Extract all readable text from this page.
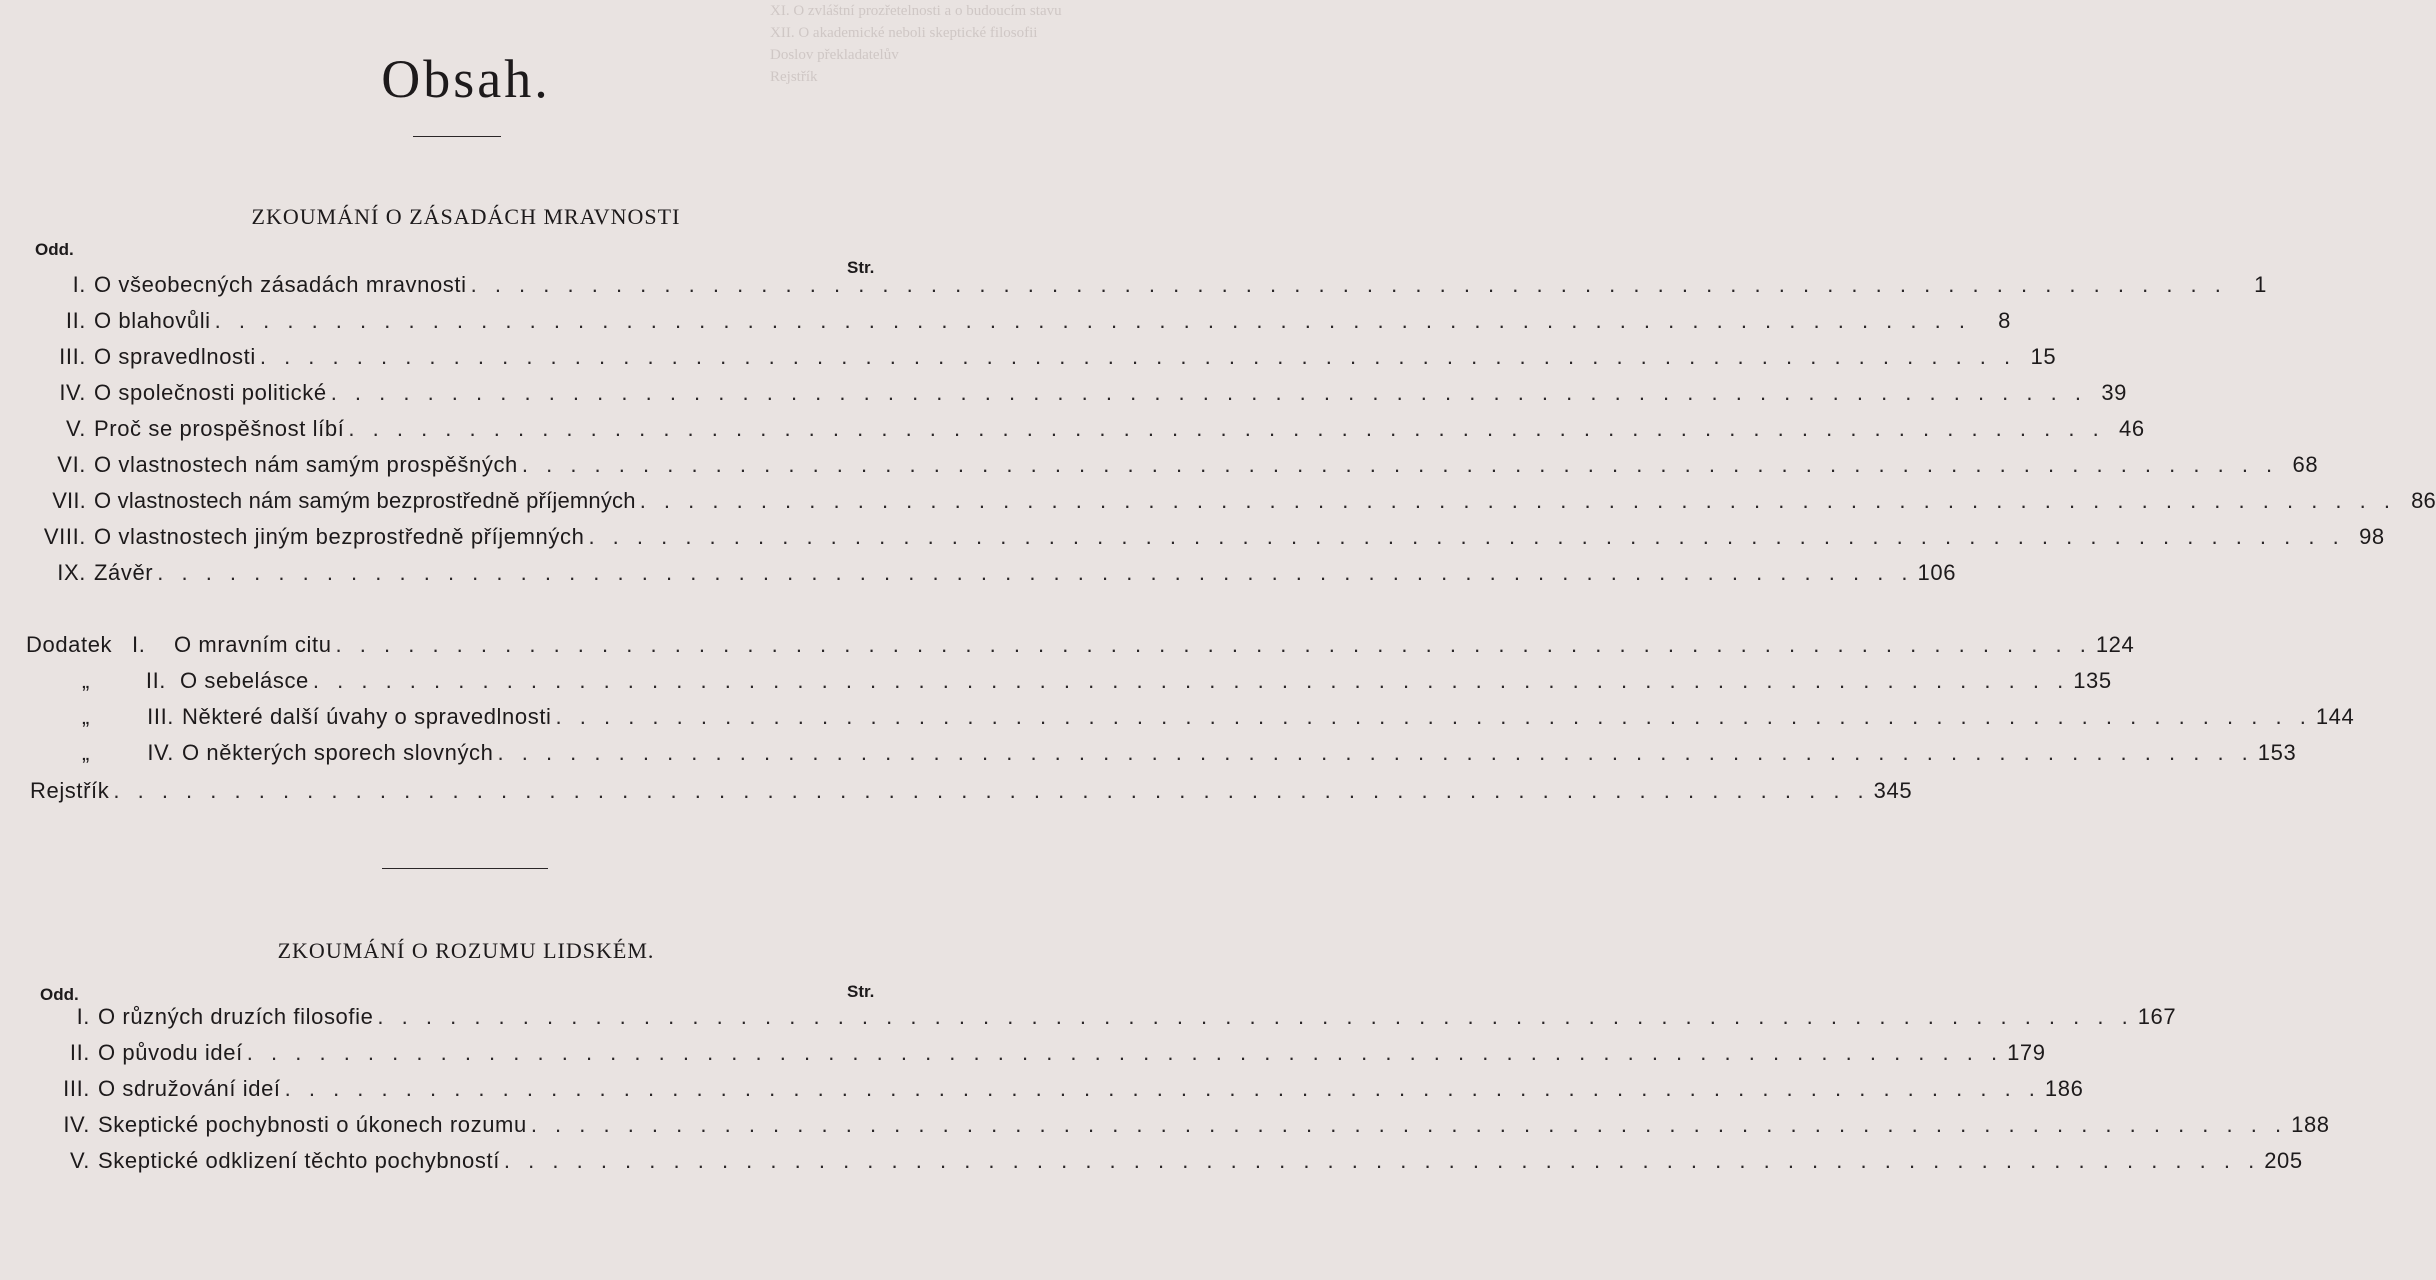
XI. O zvláštní prozřetelnosti a o budoucím stavu
XII. O akademické neboli skeptické filosofii
Doslov překladatelův
Rejstřík
Obsah.
ZKOUMÁNÍ O ZÁSADÁCH MRAVNOSTI
Odd.
Str.
I. O všeobecných zásadách mravnosti . . .	1
II. O blahovůli . . .	8
III. O spravedlnosti . . .	15
IV. O společnosti politické . . .	39
V. Proč se prospěšnost líbí . . .	46
VI. O vlastnostech nám samým prospěšných . . .	68
VII. O vlastnostech nám samým bezprostředně příjemných . . .	86
VIII. O vlastnostech jiným bezprostředně příjemných . . .	98
IX. Závěr . . .	106
Dodatek I.	O mravním citu . . .	124
„	II. O sebelásce . . .	135
„	III. Některé další úvahy o spravedlnosti . . .	144
„	IV. O některých sporech slovných . . .	153
Rejstřík . . .	345
ZKOUMÁNÍ O ROZUMU LIDSKÉM.
Odd.	Str.
I. O různých druzích filosofie . . .	167
II. O původu ideí . . .	179
III. O sdružování ideí . . .	186
IV. Skeptické pochybnosti o úkonech rozumu . . .	188
V. Skeptické odklizení těchto pochybností . . .	205
